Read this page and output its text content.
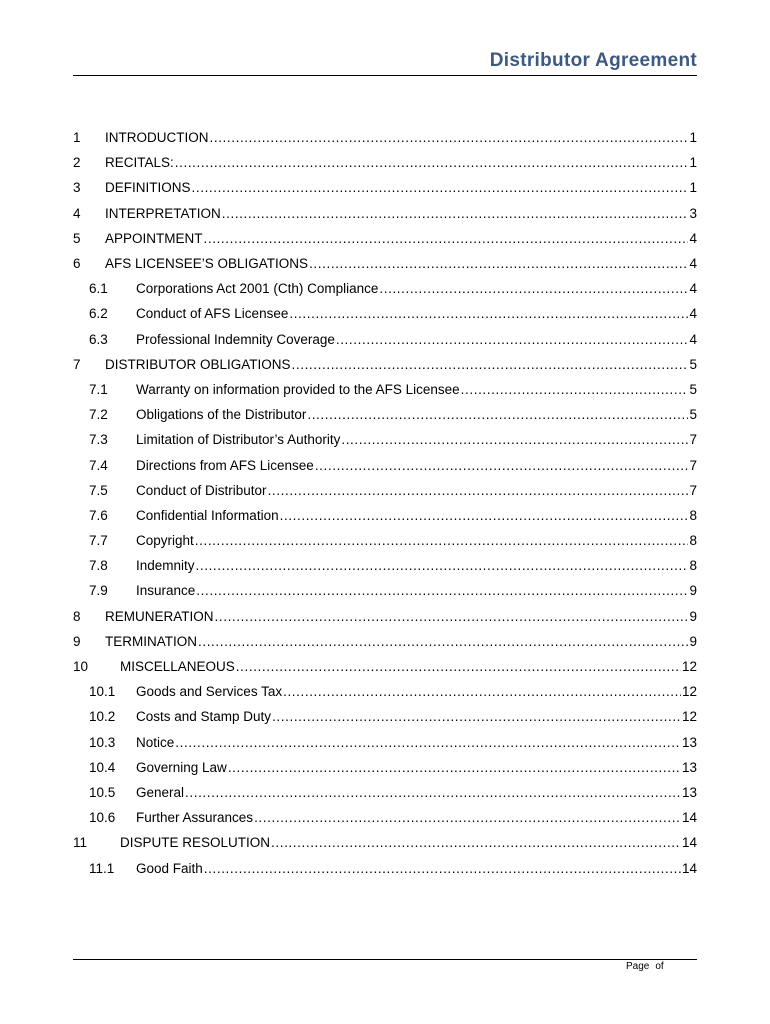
Distributor Agreement
1	INTRODUCTION .....	1
2	RECITALS: .....	1
3	DEFINITIONS .....	1
4	INTERPRETATION .....	3
5	APPOINTMENT .....	4
6	AFS LICENSEE’S OBLIGATIONS .....	4
6.1	Corporations Act 2001 (Cth) Compliance .....	4
6.2	Conduct of AFS Licensee .....	4
6.3	Professional Indemnity Coverage .....	4
7	DISTRIBUTOR OBLIGATIONS .....	5
7.1	Warranty on information provided to the AFS Licensee .....	5
7.2	Obligations of the Distributor .....	5
7.3	Limitation of Distributor’s Authority .....	7
7.4	Directions from AFS Licensee .....	7
7.5	Conduct of Distributor .....	7
7.6	Confidential Information .....	8
7.7	Copyright .....	8
7.8	Indemnity .....	8
7.9	Insurance .....	9
8	REMUNERATION .....	9
9	TERMINATION .....	9
10	MISCELLANEOUS .....	12
10.1	Goods and Services Tax .....	12
10.2	Costs and Stamp Duty .....	12
10.3	Notice .....	13
10.4	Governing Law .....	13
10.5	General .....	13
10.6	Further Assurances .....	14
11	DISPUTE RESOLUTION .....	14
11.1	Good Faith .....	14
Page of
